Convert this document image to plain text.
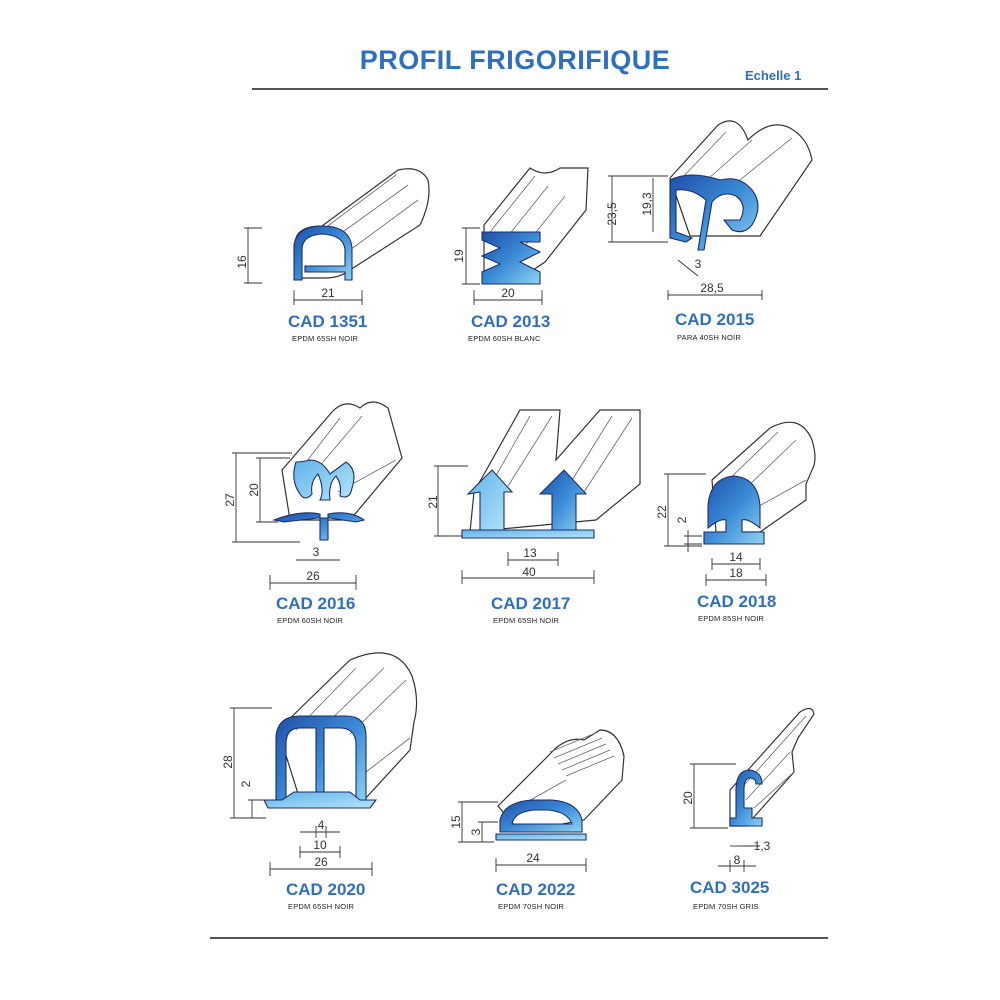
PROFIL FRIGORIFIQUE
Echelle 1
16
21
CAD 1351
EPDM 65SH NOIR
19
20
CAD 2013
EPDM 60SH BLANC
23,5 19,3
3
28,5
CAD 2015
PARA 40SH NOIR
27
20
3
26
CAD 2016
EPDM 60SH NOIR
21
13
40
CAD 2017
EPDM 65SH NOIR
22
2
14
18
CAD 2018
EPDM 85SH NOIR
28
2
4
10
26
CAD 2020
EPDM 65SH NOIR
15
3
24
CAD 2022
EPDM 70SH NOIR
20
1,3
8
CAD 3025
EPDM 70SH GRIS
